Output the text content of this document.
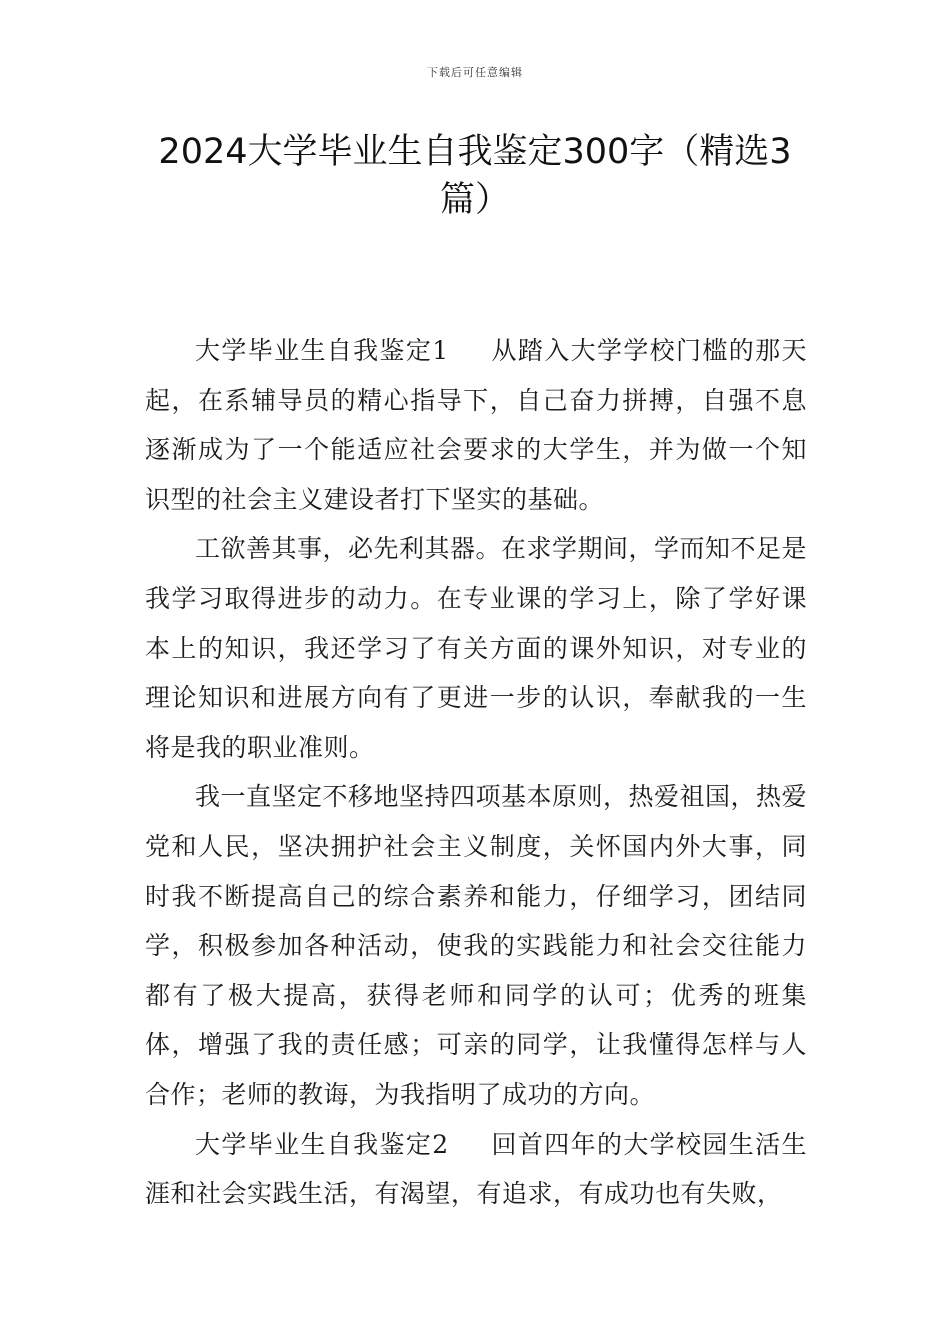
下载后可任意编辑
2024大学毕业生自我鉴定300字（精选3篇）

大学毕业生自我鉴定1 从踏入大学学校门槛的那天起，在系辅导员的精心指导下，自己奋力拼搏，自强不息逐渐成为了一个能适应社会要求的大学生，并为做一个知识型的社会主义建设者打下坚实的基础。

工欲善其事，必先利其器。在求学期间，学而知不足是我学习取得进步的动力。在专业课的学习上，除了学好课本上的知识，我还学习了有关方面的课外知识，对专业的理论知识和进展方向有了更进一步的认识，奉献我的一生将是我的职业准则。

我一直坚定不移地坚持四项基本原则，热爱祖国，热爱党和人民，坚决拥护社会主义制度，关怀国内外大事，同时我不断提高自己的综合素养和能力，仔细学习，团结同学，积极参加各种活动，使我的实践能力和社会交往能力都有了极大提高，获得老师和同学的认可；优秀的班集体，增强了我的责任感；可亲的同学，让我懂得怎样与人合作；老师的教诲，为我指明了成功的方向。

大学毕业生自我鉴定2 回首四年的大学校园生活生涯和社会实践生活，有渴望，有追求，有成功也有失败，
